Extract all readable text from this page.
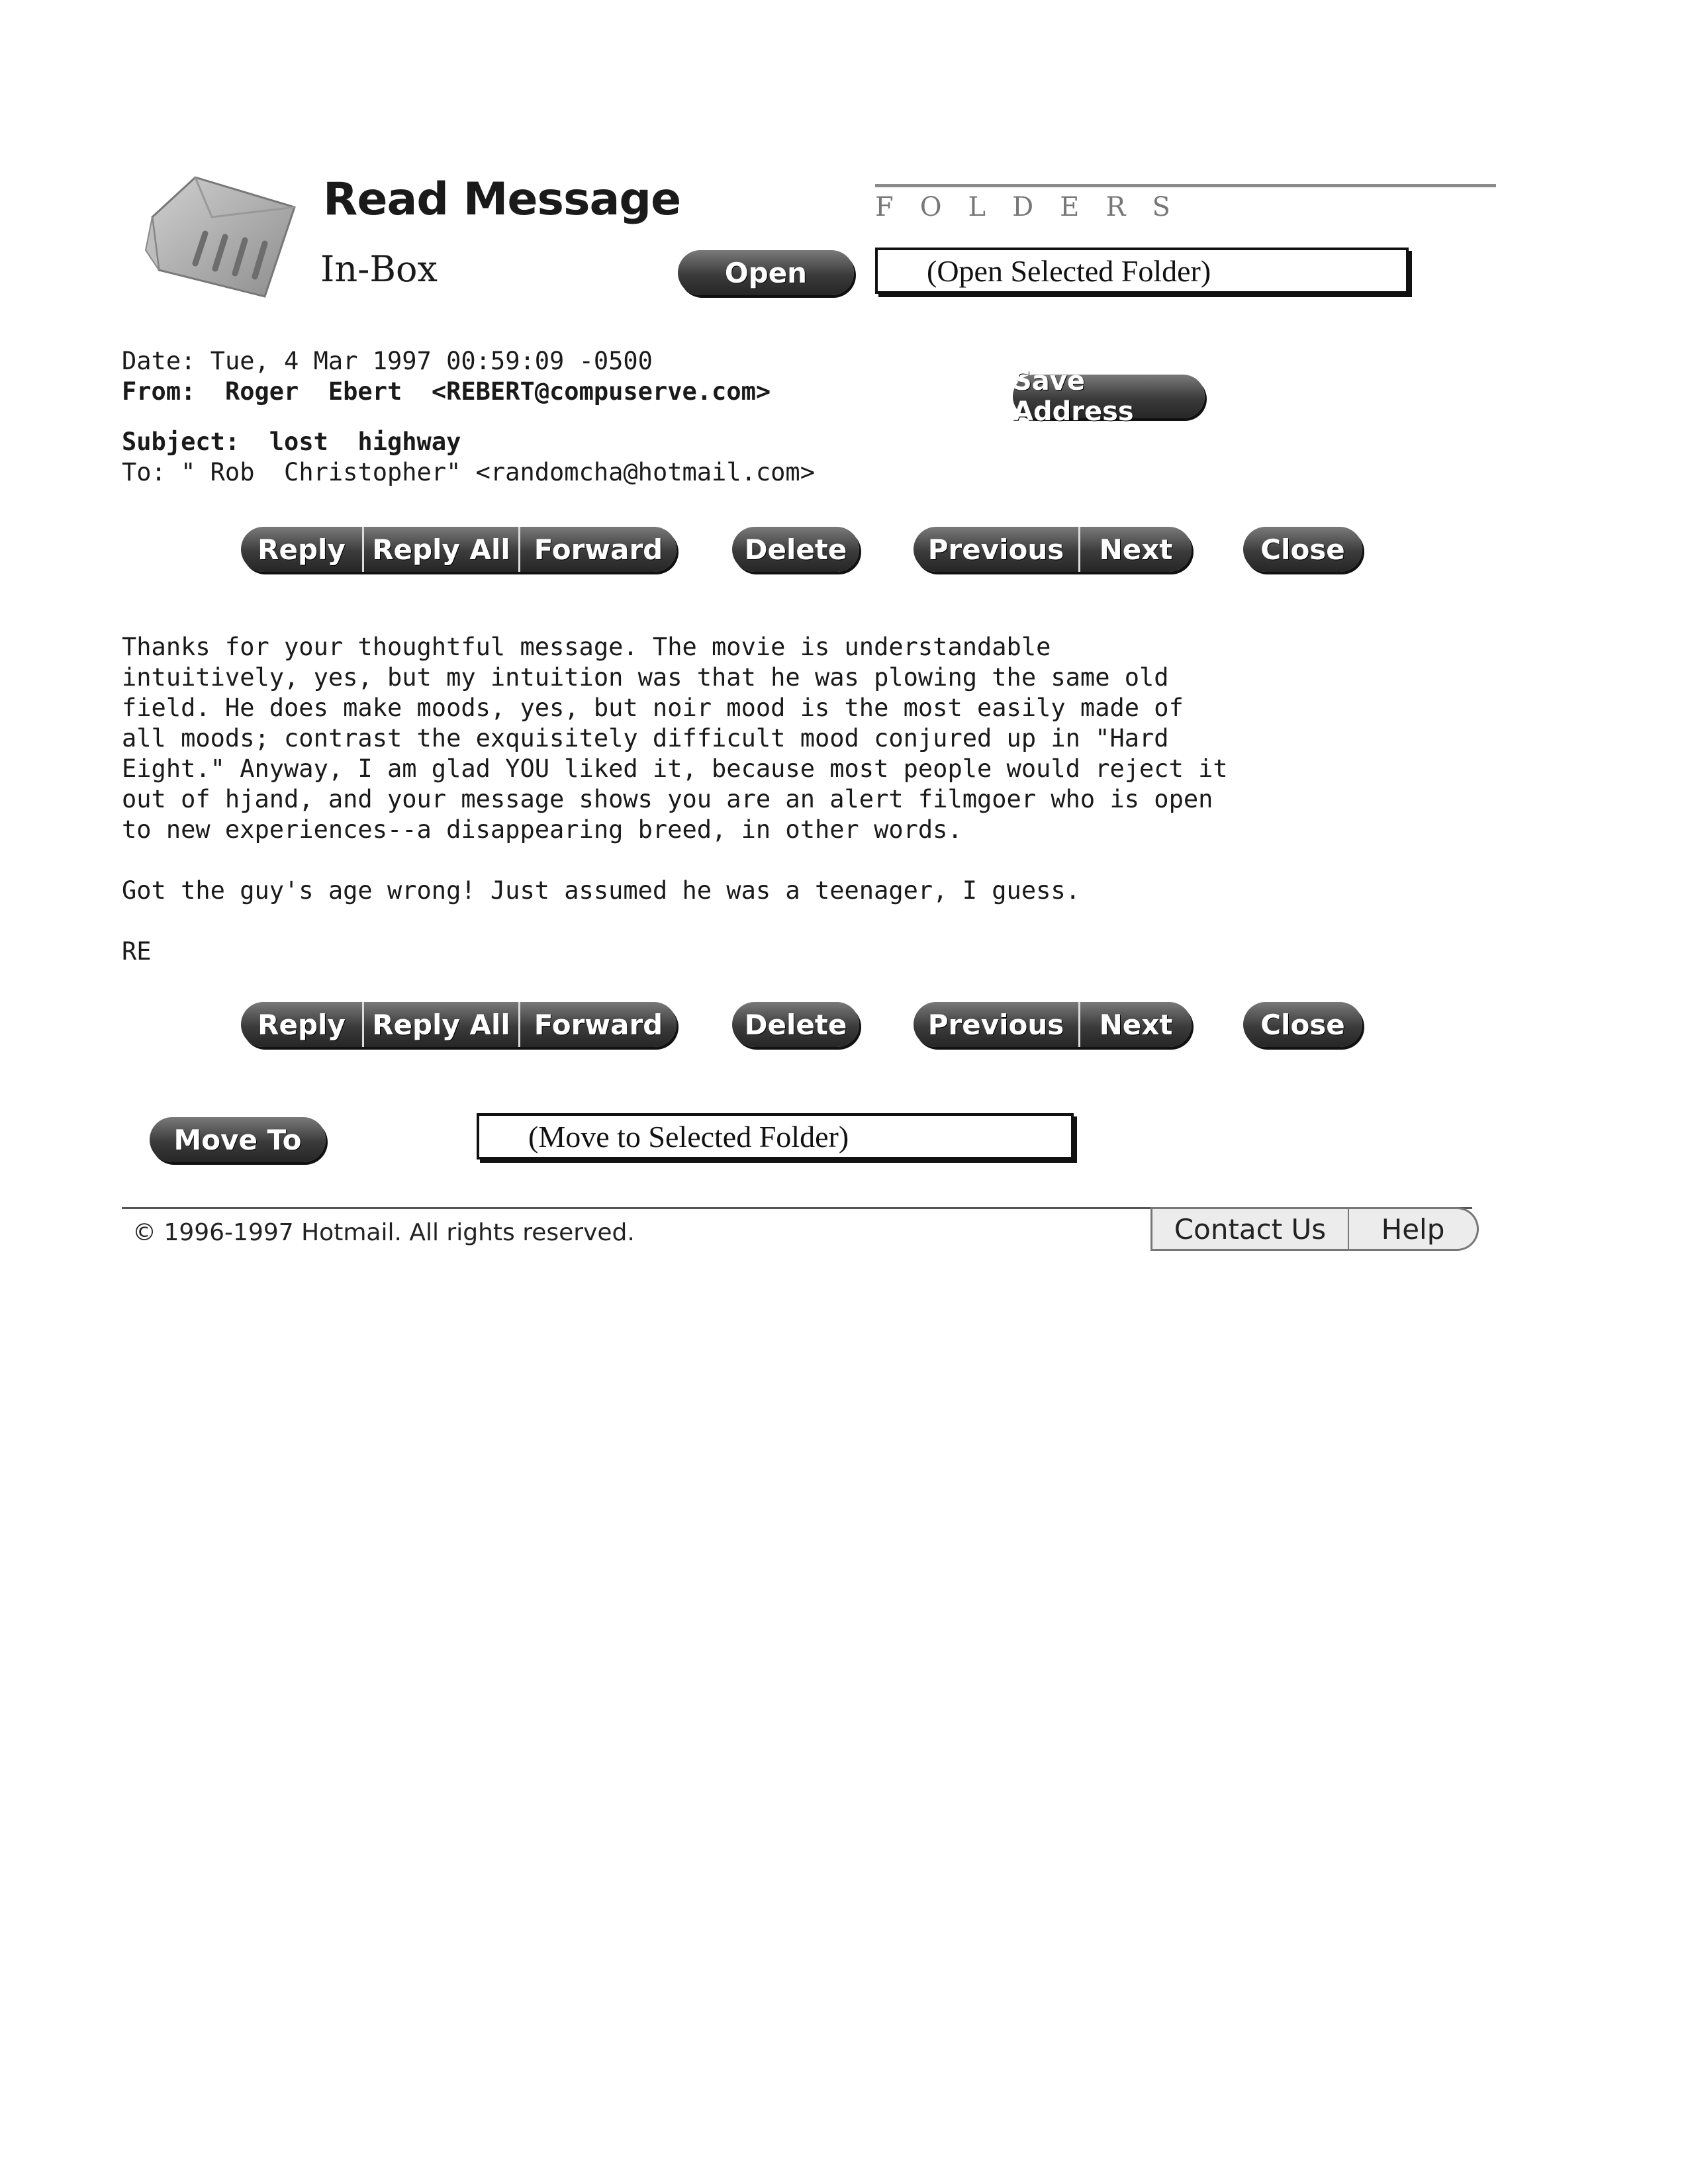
Read Message
In-Box
FOLDERS
Open	(Open Selected Folder)
Date: Tue, 4 Mar 1997 00:59:09 -0500
From: Roger  Ebert  <REBERT@compuserve.com>	Save Address
Subject: lost  highway
To: " Rob  Christopher" <randomcha@hotmail.com>
Reply Reply All Forward	Delete	Previous	Next	Close
Thanks for your thoughtful message. The movie is understandable
intuitively, yes, but my intuition was that he was plowing the same old
field. He does make moods, yes, but noir mood is the most easily made of
all moods; contrast the exquisitely difficult mood conjured up in "Hard
Eight." Anyway, I am glad YOU liked it, because most people would reject it
out of hjand, and your message shows you are an alert filmgoer who is open
to new experiences--a disappearing breed, in other words.

Got the guy's age wrong! Just assumed he was a teenager, I guess.

RE
Reply Reply All Forward	Delete	Previous	Next	Close
Move To	(Move to Selected Folder)
© 1996-1997 Hotmail. All rights reserved.	Contact Us	Help
